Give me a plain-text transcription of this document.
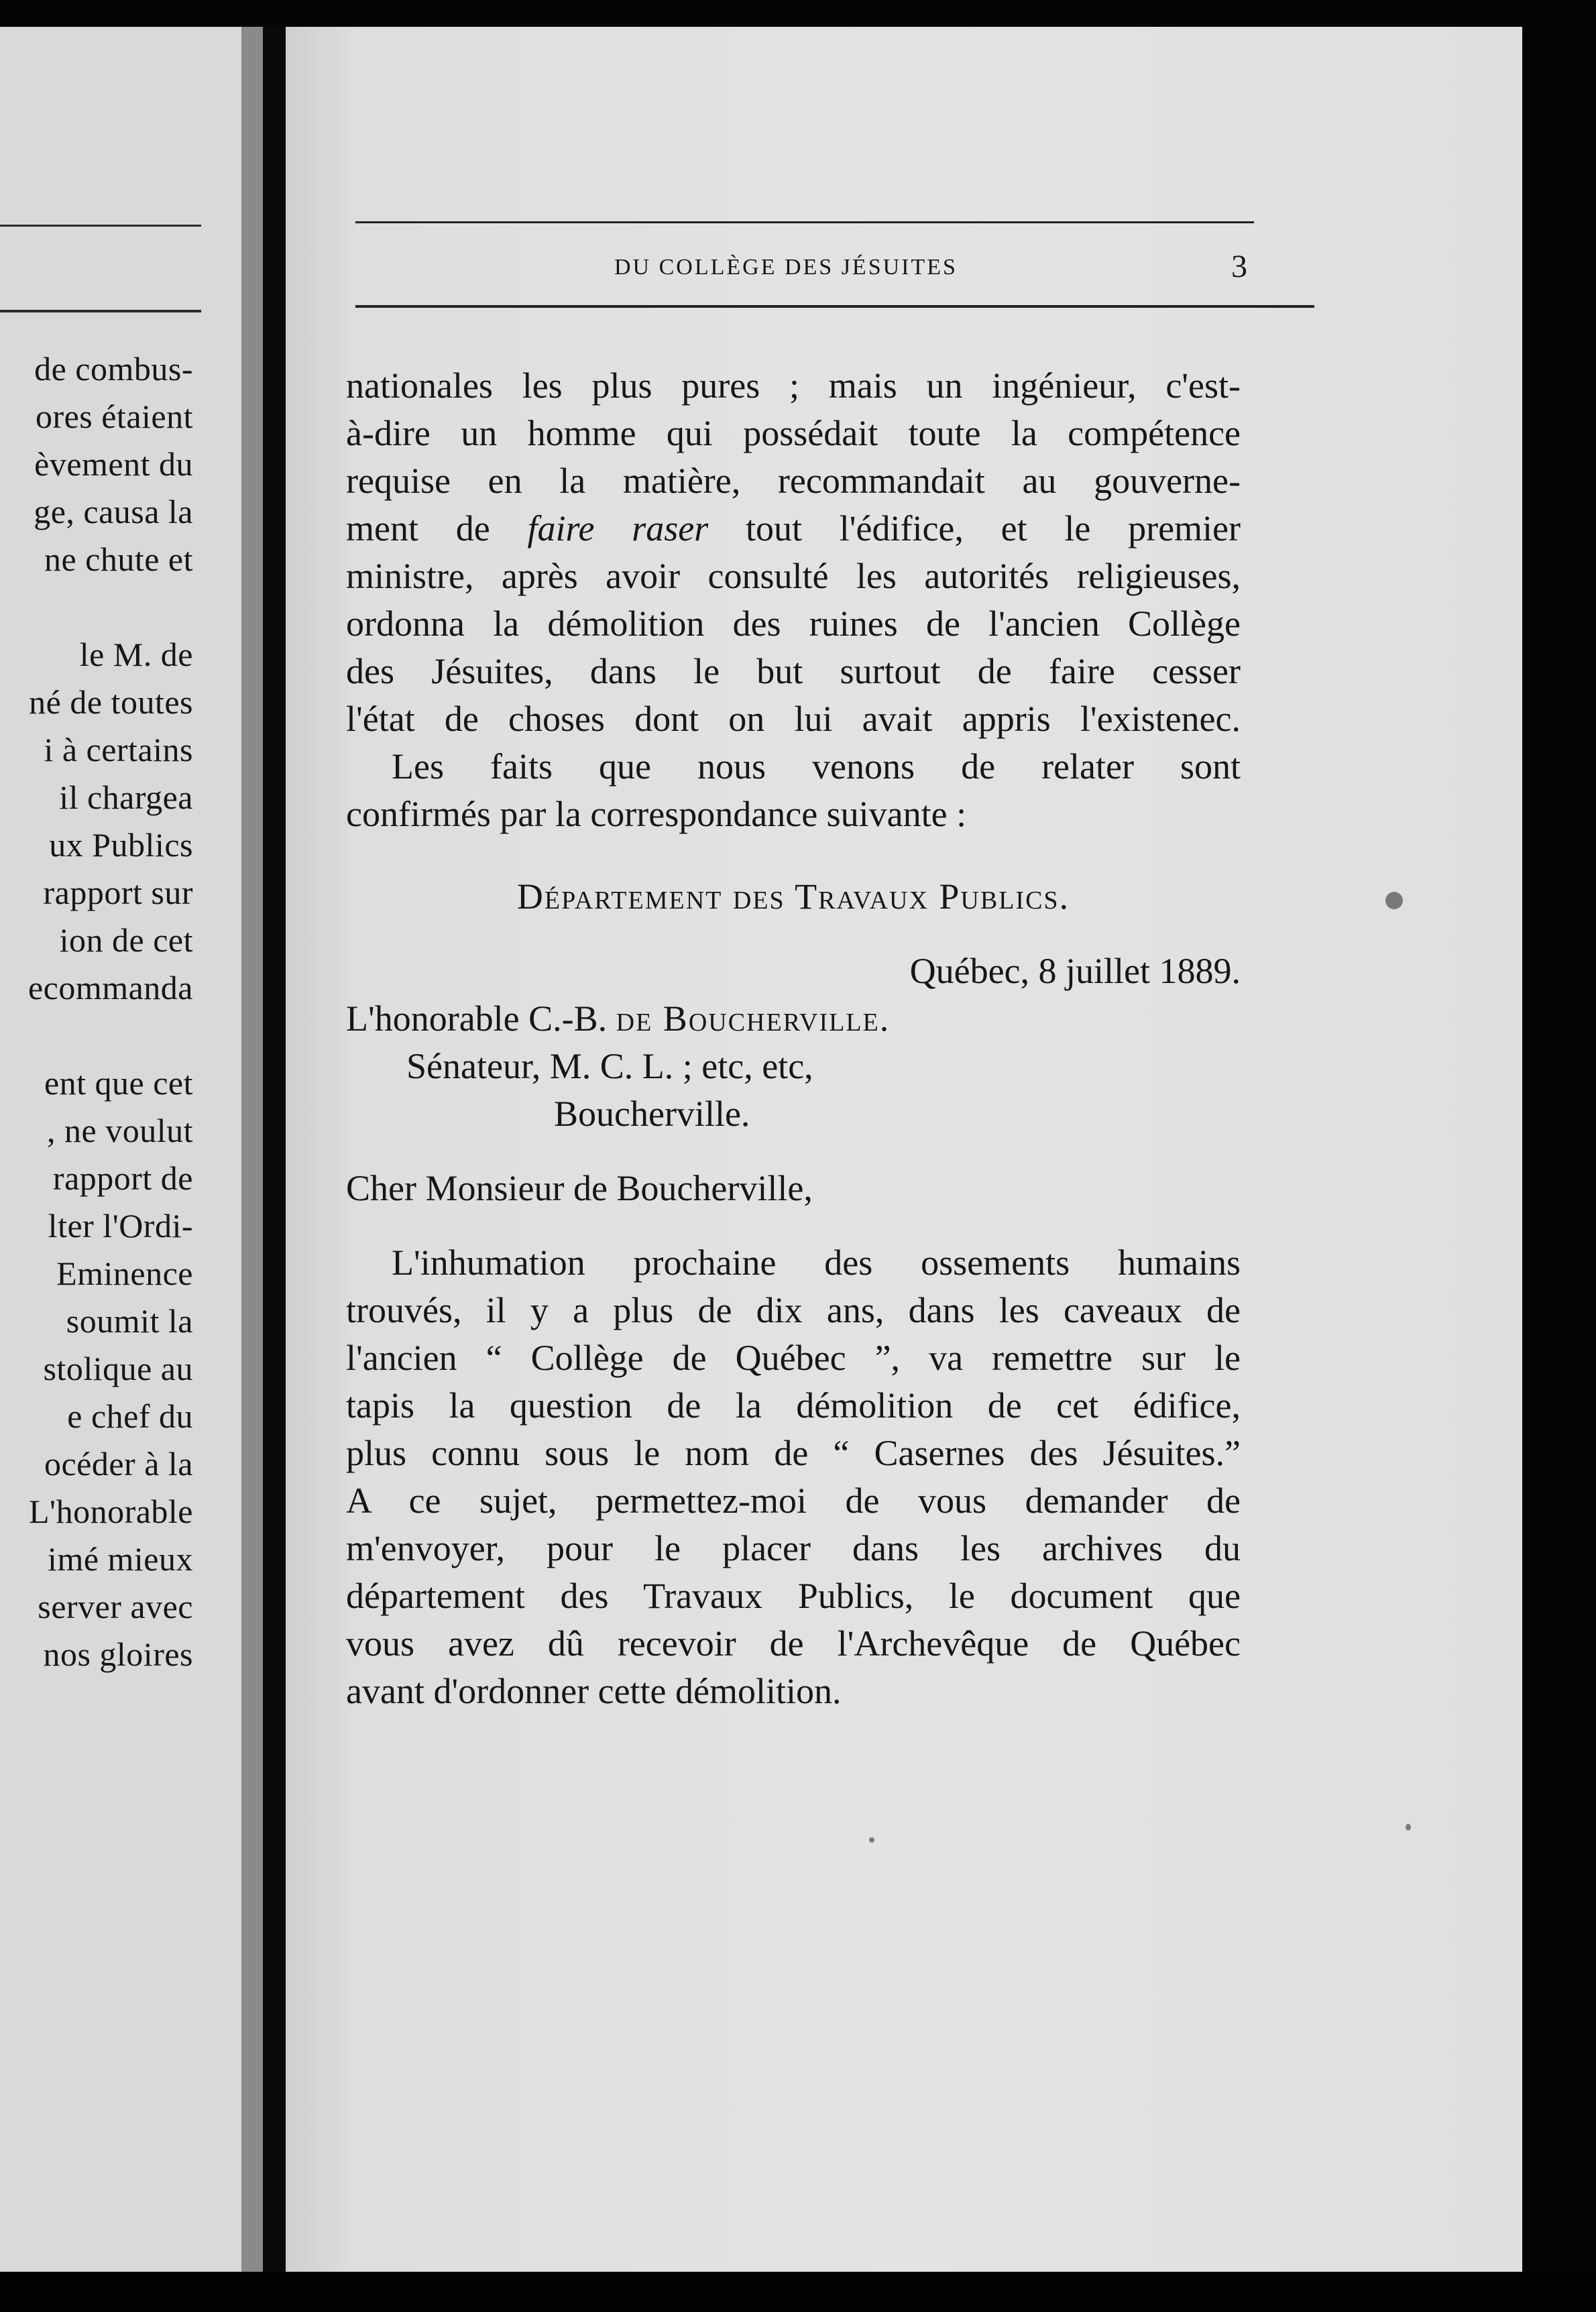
de combus-
ores étaient
èvement du
ge, causa la
ne chute et
le M. de
né de toutes
i à certains
il chargea
ux Publics
rapport sur
ion de cet
ecommanda
ent que cet
, ne voulut
rapport de
lter l'Ordi-
Eminence
soumit la
stolique au
e chef du
océder à la
L'honorable
imé mieux
server avec
nos gloires
DU COLLÈGE DES JÉSUITES	3
nationales les plus pures ; mais un ingénieur, c'est-
à-dire un homme qui possédait toute la compétence
requise en la matière, recommandait au gouverne-
ment de faire raser tout l'édifice, et le premier
ministre, après avoir consulté les autorités religieuses,
ordonna la démolition des ruines de l'ancien Collège
des Jésuites, dans le but surtout de faire cesser
l'état de choses dont on lui avait appris l'existenec.
Les faits que nous venons de relater sont
confirmés par la correspondance suivante :
Département des Travaux Publics.
Québec, 8 juillet 1889.
L'honorable C.-B. de Boucherville.
Sénateur, M. C. L. ; etc, etc,
Boucherville.
Cher Monsieur de Boucherville,
L'inhumation prochaine des ossements humains
trouvés, il y a plus de dix ans, dans les caveaux de
l'ancien “ Collège de Québec ”, va remettre sur le
tapis la question de la démolition de cet édifice,
plus connu sous le nom de “ Casernes des Jésuites.”
A ce sujet, permettez-moi de vous demander de
m'envoyer, pour le placer dans les archives du
département des Travaux Publics, le document que
vous avez dû recevoir de l'Archevêque de Québec
avant d'ordonner cette démolition.
